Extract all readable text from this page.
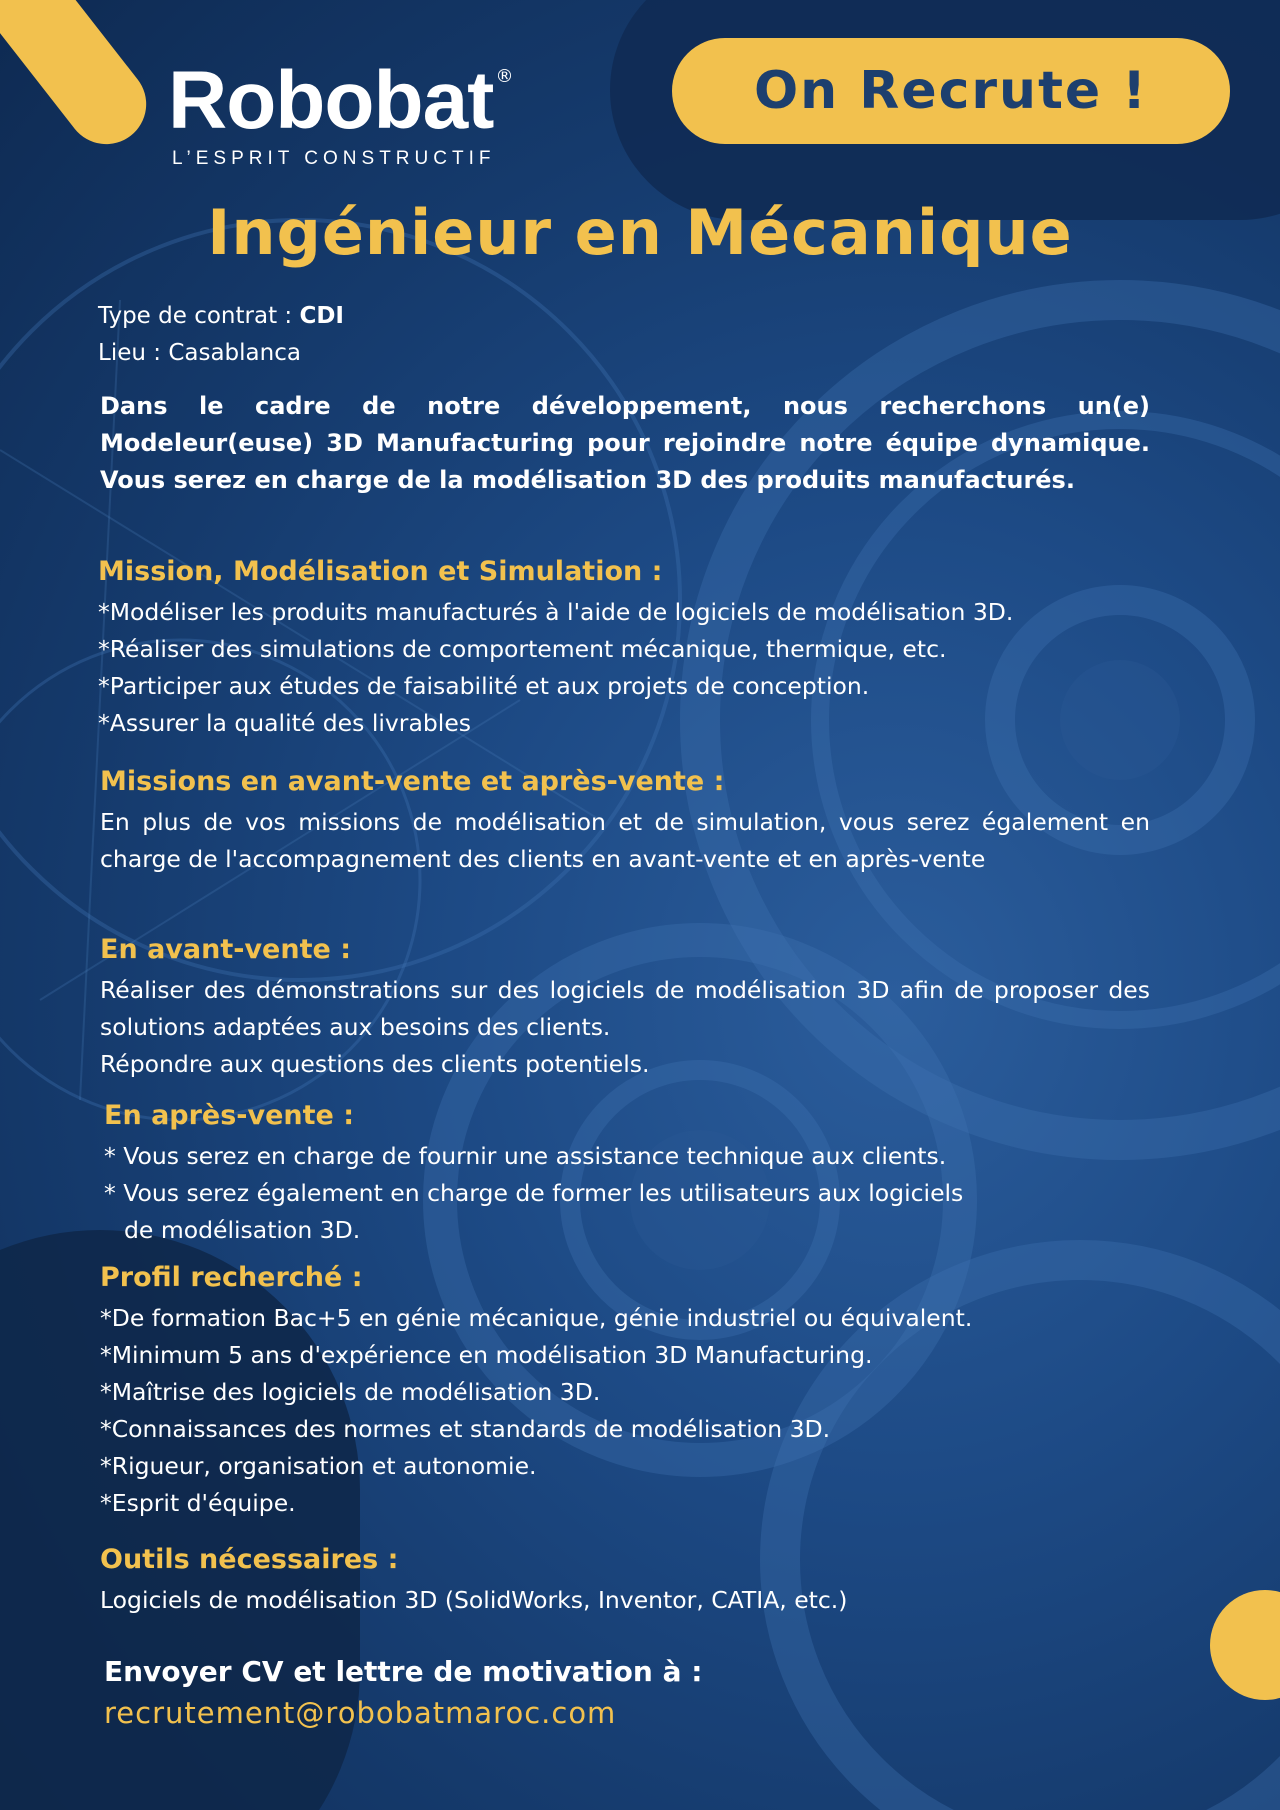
Robobat ®
L’ESPRIT CONSTRUCTIF
On Recrute !
Ingénieur en Mécanique
Type de contrat : CDI
Lieu : Casablanca
Dans le cadre de notre développement, nous recherchons un(e) Modeleur(euse) 3D Manufacturing pour rejoindre notre équipe dynamique. Vous serez en charge de la modélisation 3D des produits manufacturés.
Mission, Modélisation et Simulation :
*Modéliser les produits manufacturés à l'aide de logiciels de modélisation 3D.
*Réaliser des simulations de comportement mécanique, thermique, etc.
*Participer aux études de faisabilité et aux projets de conception.
*Assurer la qualité des livrables
Missions en avant-vente et après-vente :
En plus de vos missions de modélisation et de simulation, vous serez également en charge de l'accompagnement des clients en avant-vente et en après-vente
En avant-vente :
Réaliser des démonstrations sur des logiciels de modélisation 3D afin de proposer des solutions adaptées aux besoins des clients.
Répondre aux questions des clients potentiels.
En après-vente :
* Vous serez en charge de fournir une assistance technique aux clients.
* Vous serez également en charge de former les utilisateurs aux logiciels
de modélisation 3D.
Profil recherché :
*De formation Bac+5 en génie mécanique, génie industriel ou équivalent.
*Minimum 5 ans d'expérience en modélisation 3D Manufacturing.
*Maîtrise des logiciels de modélisation 3D.
*Connaissances des normes et standards de modélisation 3D.
*Rigueur, organisation et autonomie.
*Esprit d'équipe.
Outils nécessaires :
Logiciels de modélisation 3D (SolidWorks, Inventor, CATIA, etc.)
Envoyer CV et lettre de motivation à :
recrutement@robobatmaroc.com
